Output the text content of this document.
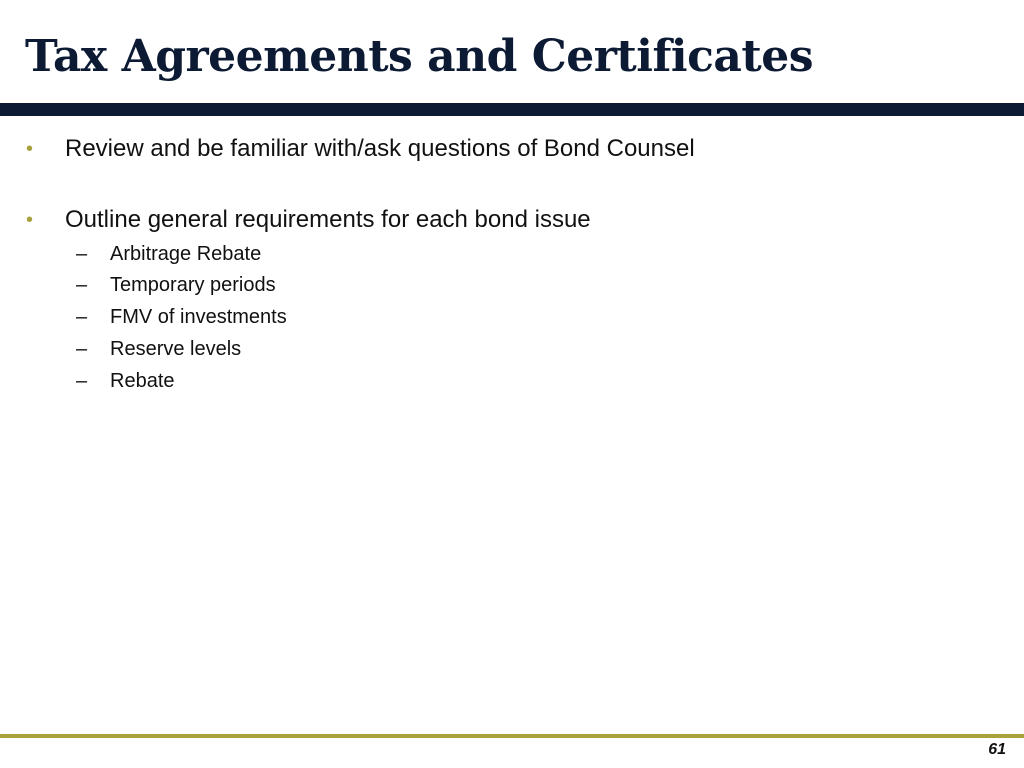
Tax Agreements and Certificates
• Review and be familiar with/ask questions of Bond Counsel
• Outline general requirements for each bond issue
– Arbitrage Rebate
– Temporary periods
– FMV of investments
– Reserve levels
– Rebate
61
